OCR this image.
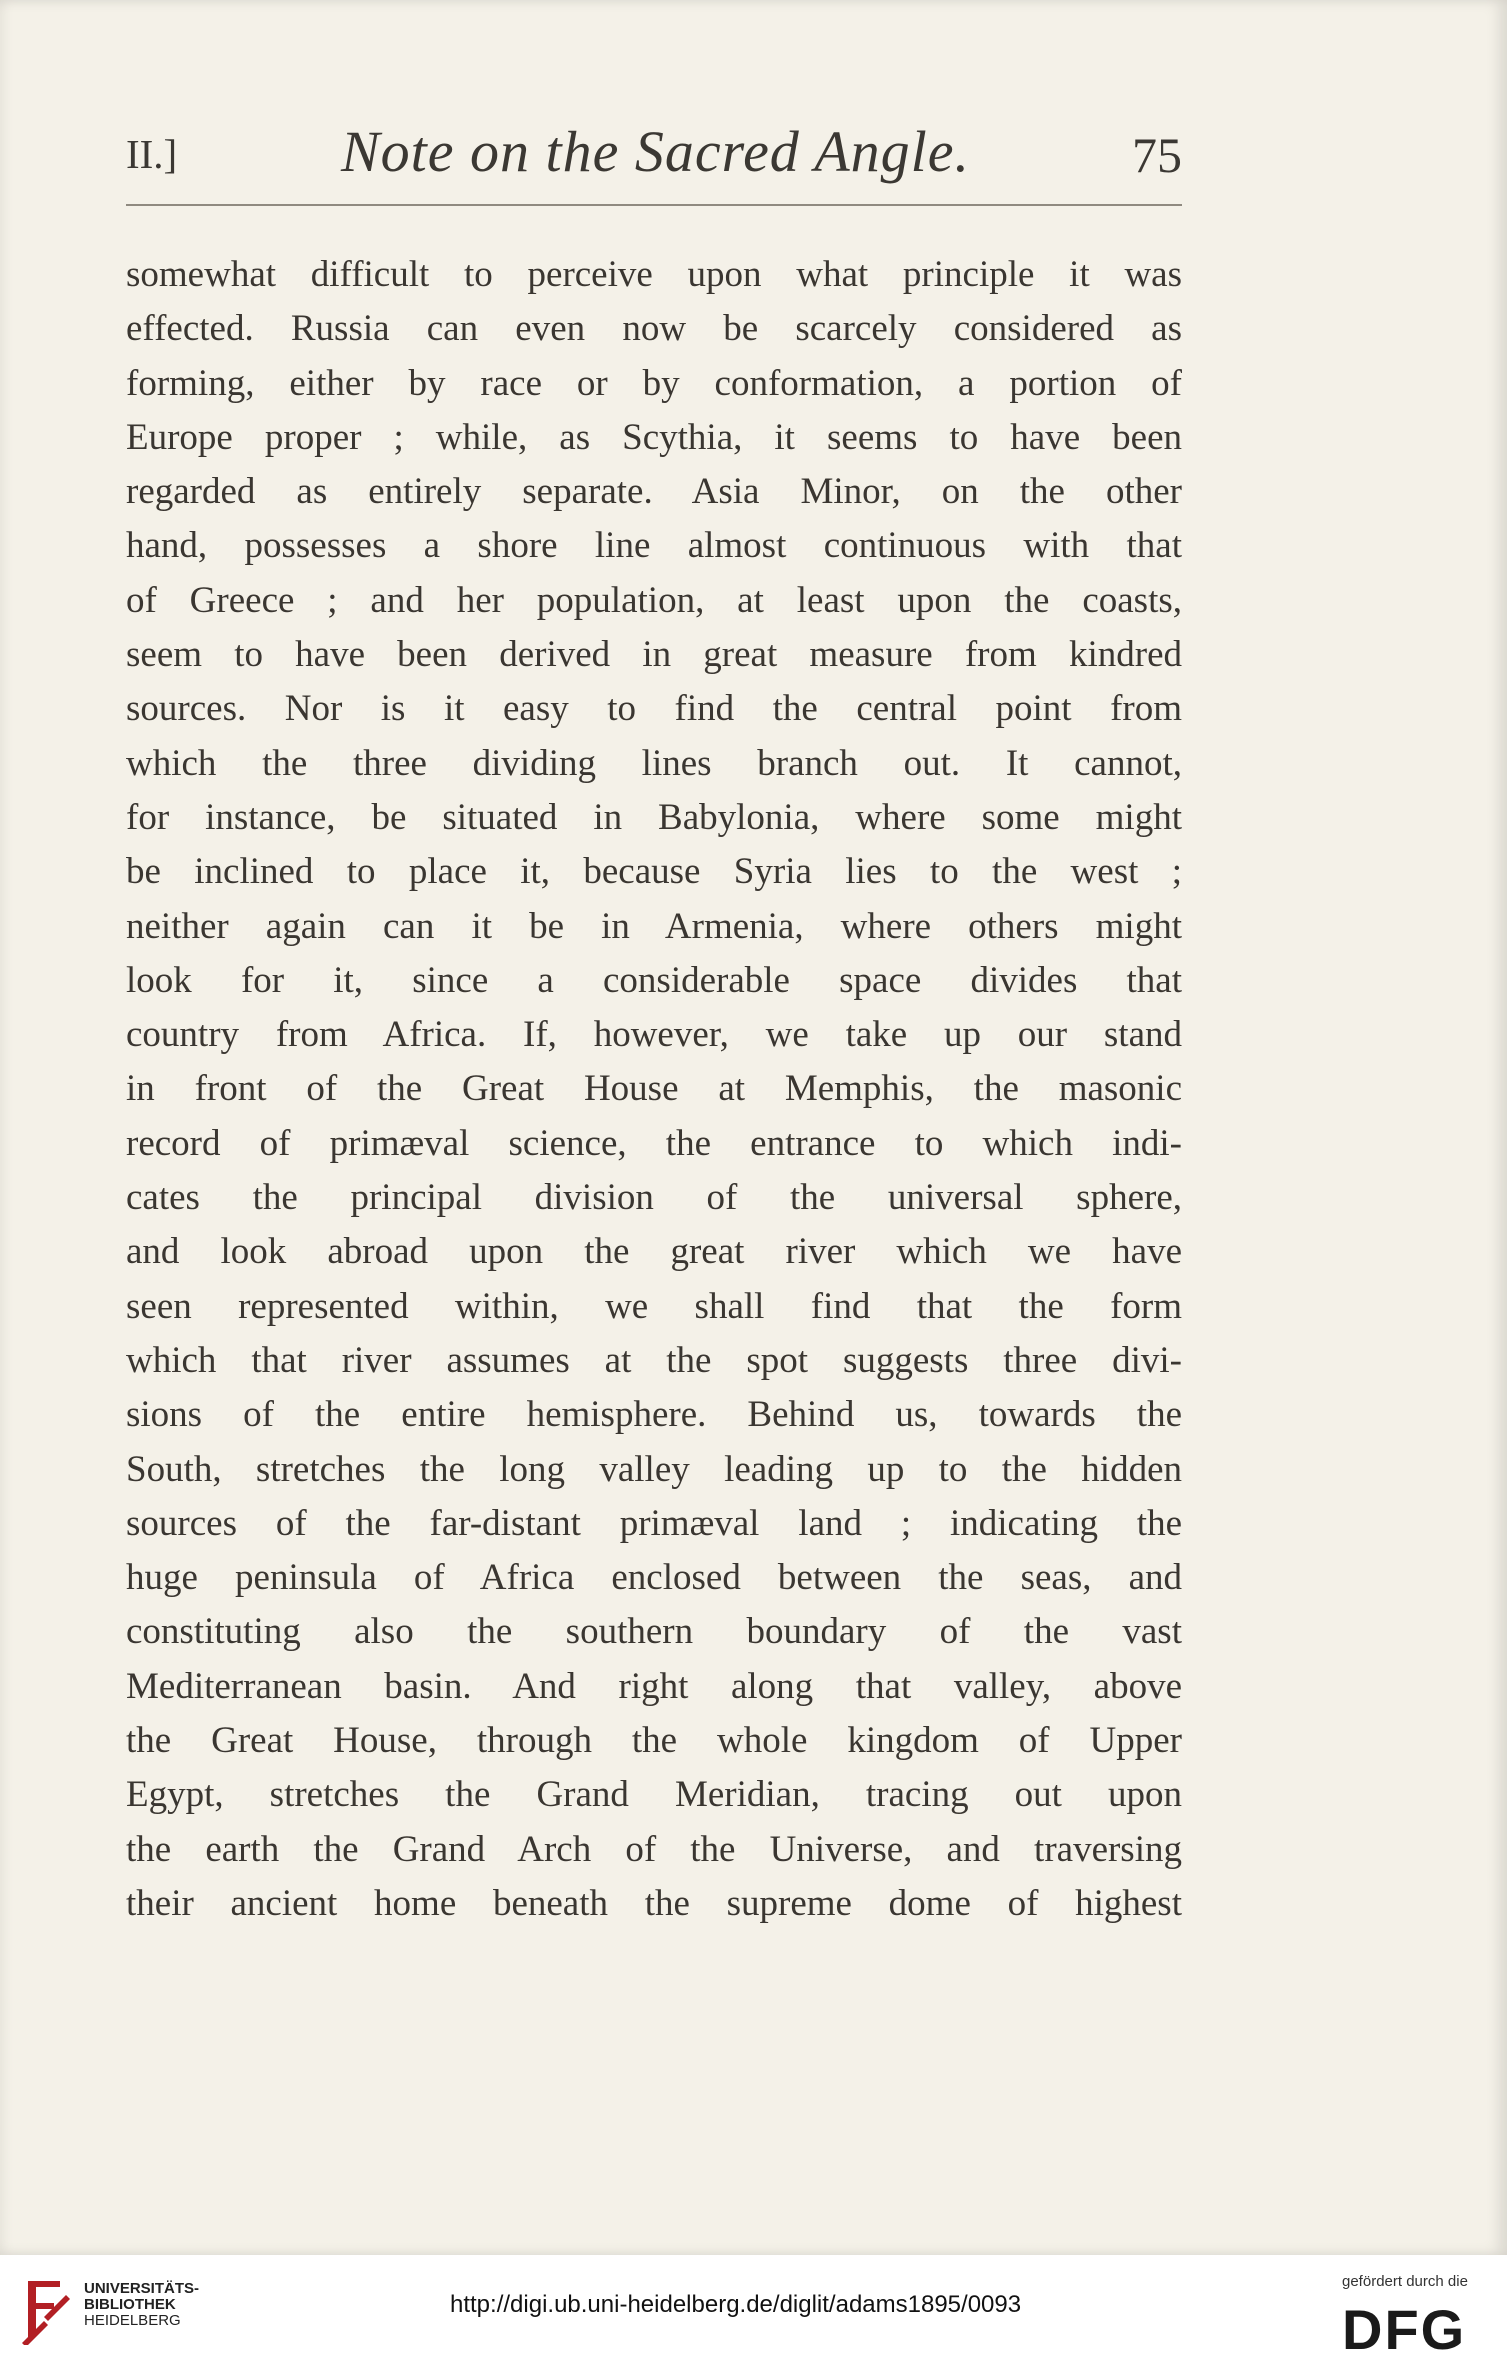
II.]	Note on the Sacred Angle.	75
somewhat difficult to perceive upon what principle it was
effected. Russia can even now be scarcely considered as
forming, either by race or by conformation, a portion of
Europe proper ; while, as Scythia, it seems to have been
regarded as entirely separate. Asia Minor, on the other
hand, possesses a shore line almost continuous with that
of Greece ; and her population, at least upon the coasts,
seem to have been derived in great measure from kindred
sources. Nor is it easy to find the central point from
which the three dividing lines branch out. It cannot,
for instance, be situated in Babylonia, where some might
be inclined to place it, because Syria lies to the west ;
neither again can it be in Armenia, where others might
look for it, since a considerable space divides that
country from Africa. If, however, we take up our stand
in front of the Great House at Memphis, the masonic
record of primæval science, the entrance to which indi-
cates the principal division of the universal sphere,
and look abroad upon the great river which we have
seen represented within, we shall find that the form
which that river assumes at the spot suggests three divi-
sions of the entire hemisphere. Behind us, towards the
South, stretches the long valley leading up to the hidden
sources of the far-distant primæval land ; indicating the
huge peninsula of Africa enclosed between the seas, and
constituting also the southern boundary of the vast
Mediterranean basin. And right along that valley, above
the Great House, through the whole kingdom of Upper
Egypt, stretches the Grand Meridian, tracing out upon
the earth the Grand Arch of the Universe, and traversing
their ancient home beneath the supreme dome of highest
UNIVERSITÄTS-
BIBLIOTHEK
HEIDELBERG
http://digi.ub.uni-heidelberg.de/diglit/adams1895/0093
gefördert durch die
DFG
